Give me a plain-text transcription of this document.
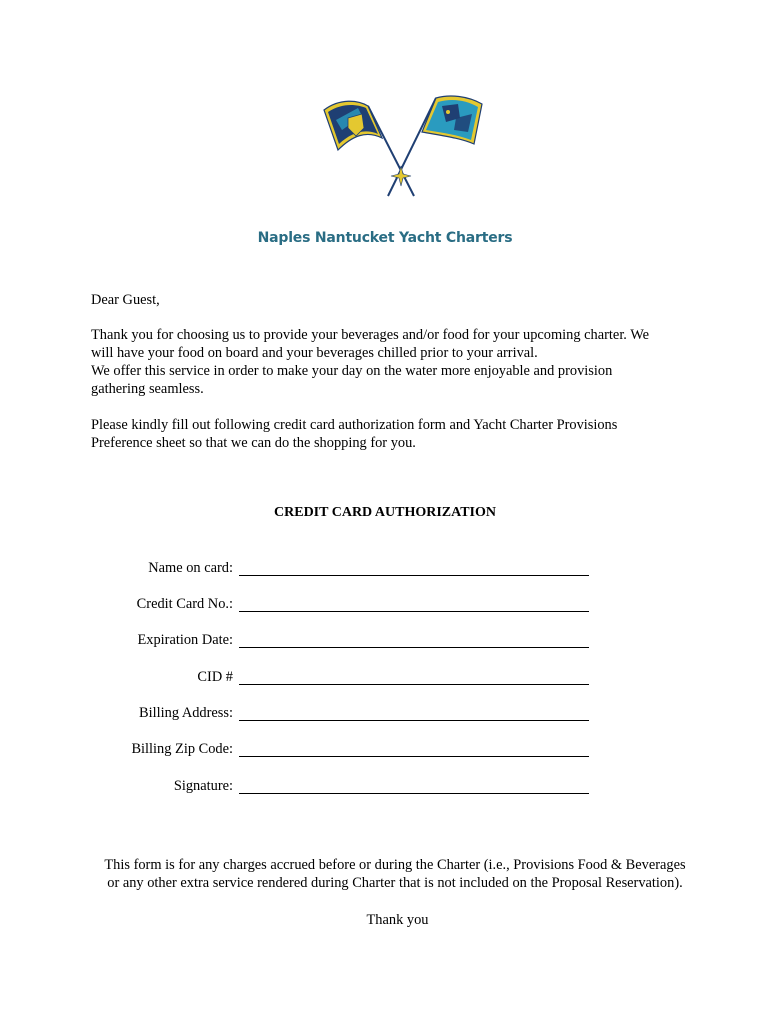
Naples Nantucket Yacht Charters

Dear Guest,

Thank you for choosing us to provide your beverages and/or food for your upcoming charter. We

will have your food on board and your beverages chilled prior to your arrival.

We offer this service in order to make your day on the water more enjoyable and provision

gathering seamless.

Please kindly fill out following credit card authorization form and Yacht Charter Provisions

Preference sheet so that we can do the shopping for you.

CREDIT CARD AUTHORIZATION
Name on card:
Credit Card No.:
Expiration Date:
CID #
Billing Address:
Billing Zip Code:
Signature:

This form is for any charges accrued before or during the Charter (i.e., Provisions Food & Beverages

or any other extra service rendered during Charter that is not included on the Proposal Reservation).

Thank you
